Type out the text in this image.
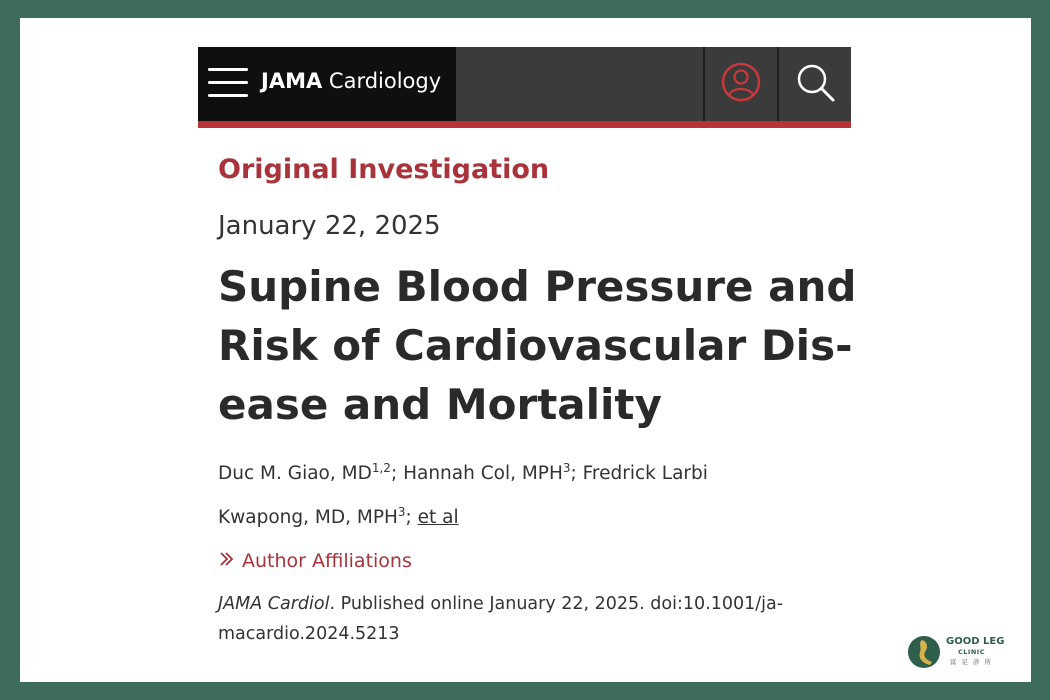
JAMA Cardiology
Original Investigation
January 22, 2025
Supine Blood Pressure and
Risk of Cardiovascular Dis-
ease and Mortality
Duc M. Giao, MD$^{1,2}$; Hannah Col, MPH$^3$; Fredrick Larbi
Kwapong, MD, MPH$^3$; et al
Author Affiliations
JAMA Cardiol. Published online January 22, 2025. doi:10.1001/ja-
macardio.2024.5213	GOOD LEG
CLINIC
富足診所
